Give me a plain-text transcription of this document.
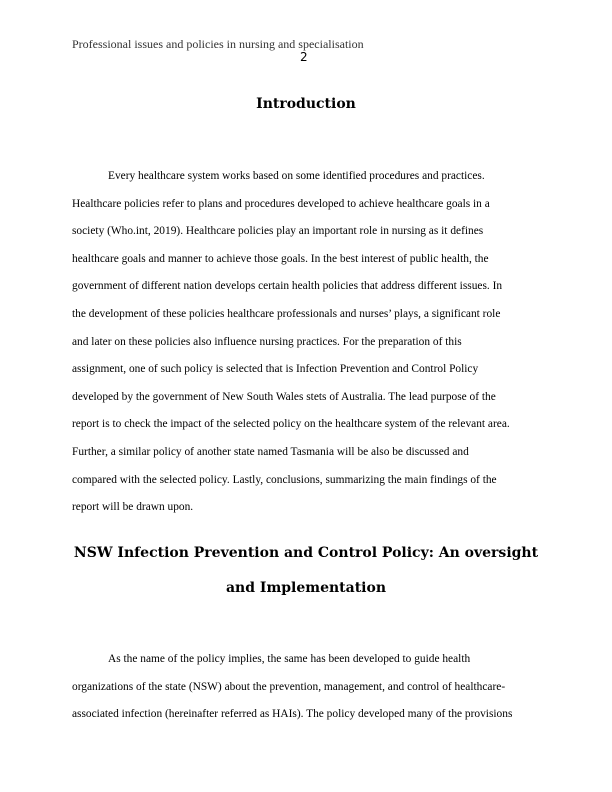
Professional issues and policies in nursing and specialisation
2
Introduction
Every healthcare system works based on some identified procedures and practices.
Healthcare policies refer to plans and procedures developed to achieve healthcare goals in a
society (Who.int, 2019). Healthcare policies play an important role in nursing as it defines
healthcare goals and manner to achieve those goals. In the best interest of public health, the
government of different nation develops certain health policies that address different issues. In
the development of these policies healthcare professionals and nurses’ plays, a significant role
and later on these policies also influence nursing practices. For the preparation of this
assignment, one of such policy is selected that is Infection Prevention and Control Policy
developed by the government of New South Wales stets of Australia. The lead purpose of the
report is to check the impact of the selected policy on the healthcare system of the relevant area.
Further, a similar policy of another state named Tasmania will be also be discussed and
compared with the selected policy. Lastly, conclusions, summarizing the main findings of the
report will be drawn upon.
NSW Infection Prevention and Control Policy: An oversight
and Implementation
As the name of the policy implies, the same has been developed to guide health
organizations of the state (NSW) about the prevention, management, and control of healthcare-
associated infection (hereinafter referred as HAIs). The policy developed many of the provisions
